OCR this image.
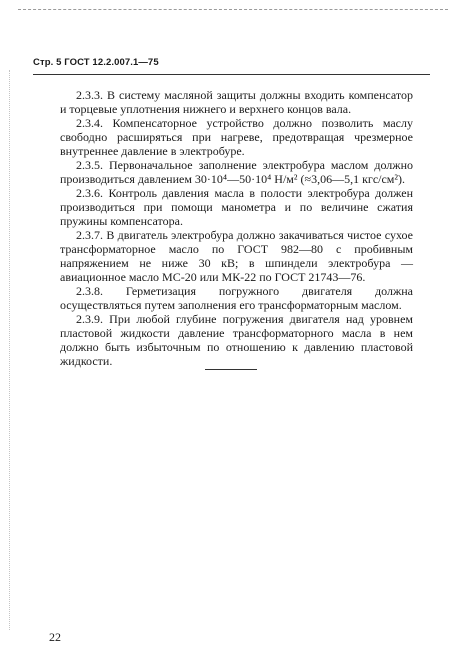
Стр. 5 ГОСТ 12.2.007.1—75

2.3.3. В систему масляной защиты должны входить компенсатор и торцевые уплотнения нижнего и верхнего концов вала.

2.3.4. Компенсаторное устройство должно позволить маслу свободно расширяться при нагреве, предотвращая чрезмерное внутреннее давление в электробуре.

2.3.5. Первоначальное заполнение электробура маслом должно производиться давлением 30·10⁴—50·10⁴ Н/м² (≈3,06—5,1 кгс/см²).

2.3.6. Контроль давления масла в полости электробура должен производиться при помощи манометра и по величине сжатия пружины компенсатора.

2.3.7. В двигатель электробура должно закачиваться чистое сухое трансформаторное масло по ГОСТ 982—80 с пробивным напряжением не ниже 30 кВ; в шпиндели электробура — авиационное масло МС-20 или МК-22 по ГОСТ 21743—76.

2.3.8. Герметизация погружного двигателя должна осуществляться путем заполнения его трансформаторным маслом.

2.3.9. При любой глубине погружения двигателя над уровнем пластовой жидкости давление трансформаторного масла в нем должно быть избыточным по отношению к давлению пластовой жидкости.

22
